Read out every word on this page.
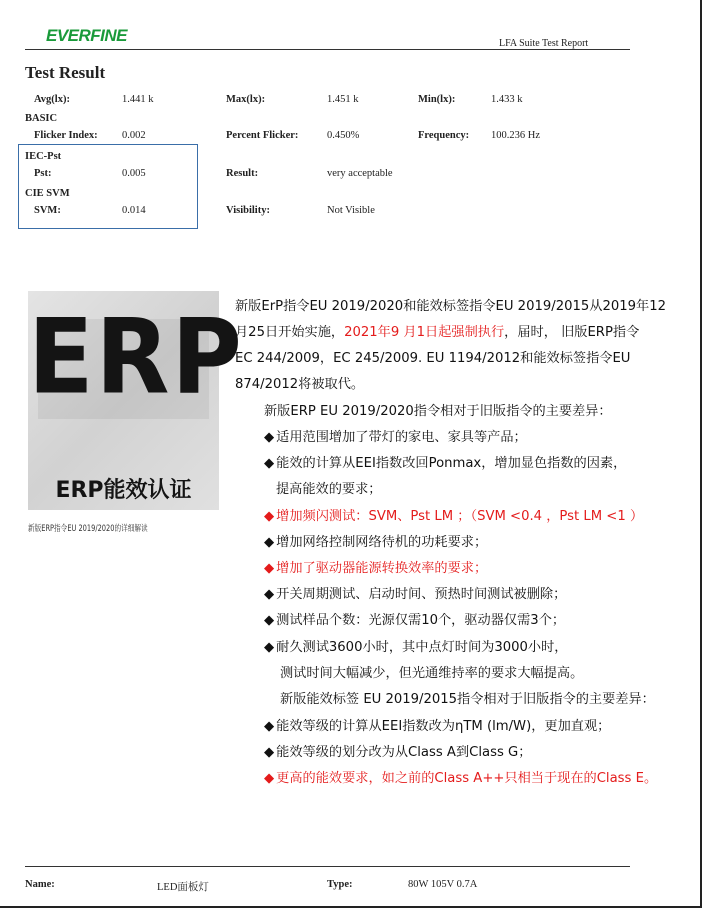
EVERFINE	LFA Suite Test Report
Test Result
Avg(lx):	1.441 k	Max(lx):	1.451 k	Min(lx):	1.433 k
BASIC
Flicker Index: 0.002	Percent Flicker:	0.450%	Frequency: 100.236 Hz
IEC-Pst
Pst:	0.005	Result:	very acceptable
CIE SVM
SVM:	0.014	Visibility:	Not Visible
ERP
ERP能效认证
新版ERP指令EU 2019/2020的详细解读
新版ErP指令EU 2019/2020和能效标签指令EU 2019/2015从2019年12
月25日开始实施，2021年9 月1日起强制执行，届时， 旧版ERP指令
EC 244/2009，EC 245/2009. EU 1194/2012和能效标签指令EU
874/2012将被取代。
新版ERP EU 2019/2020指令相对于旧版指令的主要差异：
◆ 适用范围增加了带灯的家电、家具等产品；
◆ 能效的计算从EEI指数改回Ponmax，增加显色指数的因素，
提高能效的要求；
◆ 增加频闪测试：SVM、Pst LM ；（SVM <0.4 ，Pst LM <1 ）
◆ 增加网络控制网络待机的功耗要求；
◆ 增加了驱动器能源转换效率的要求；
◆ 开关周期测试、启动时间、预热时间测试被删除；
◆ 测试样品个数：光源仅需10个，驱动器仅需3个；
◆ 耐久测试3600小时，其中点灯时间为3000小时，
测试时间大幅减少，但光通维持率的要求大幅提高。
新版能效标签 EU 2019/2015指令相对于旧版指令的主要差异：
◆ 能效等级的计算从EEI指数改为ηTM (lm/W)，更加直观；
◆ 能效等级的划分改为从Class A到Class G；
◆ 更高的能效要求，如之前的Class A++只相当于现在的Class E。
Name:	LED面板灯	Type:	80W 105V 0.7A
